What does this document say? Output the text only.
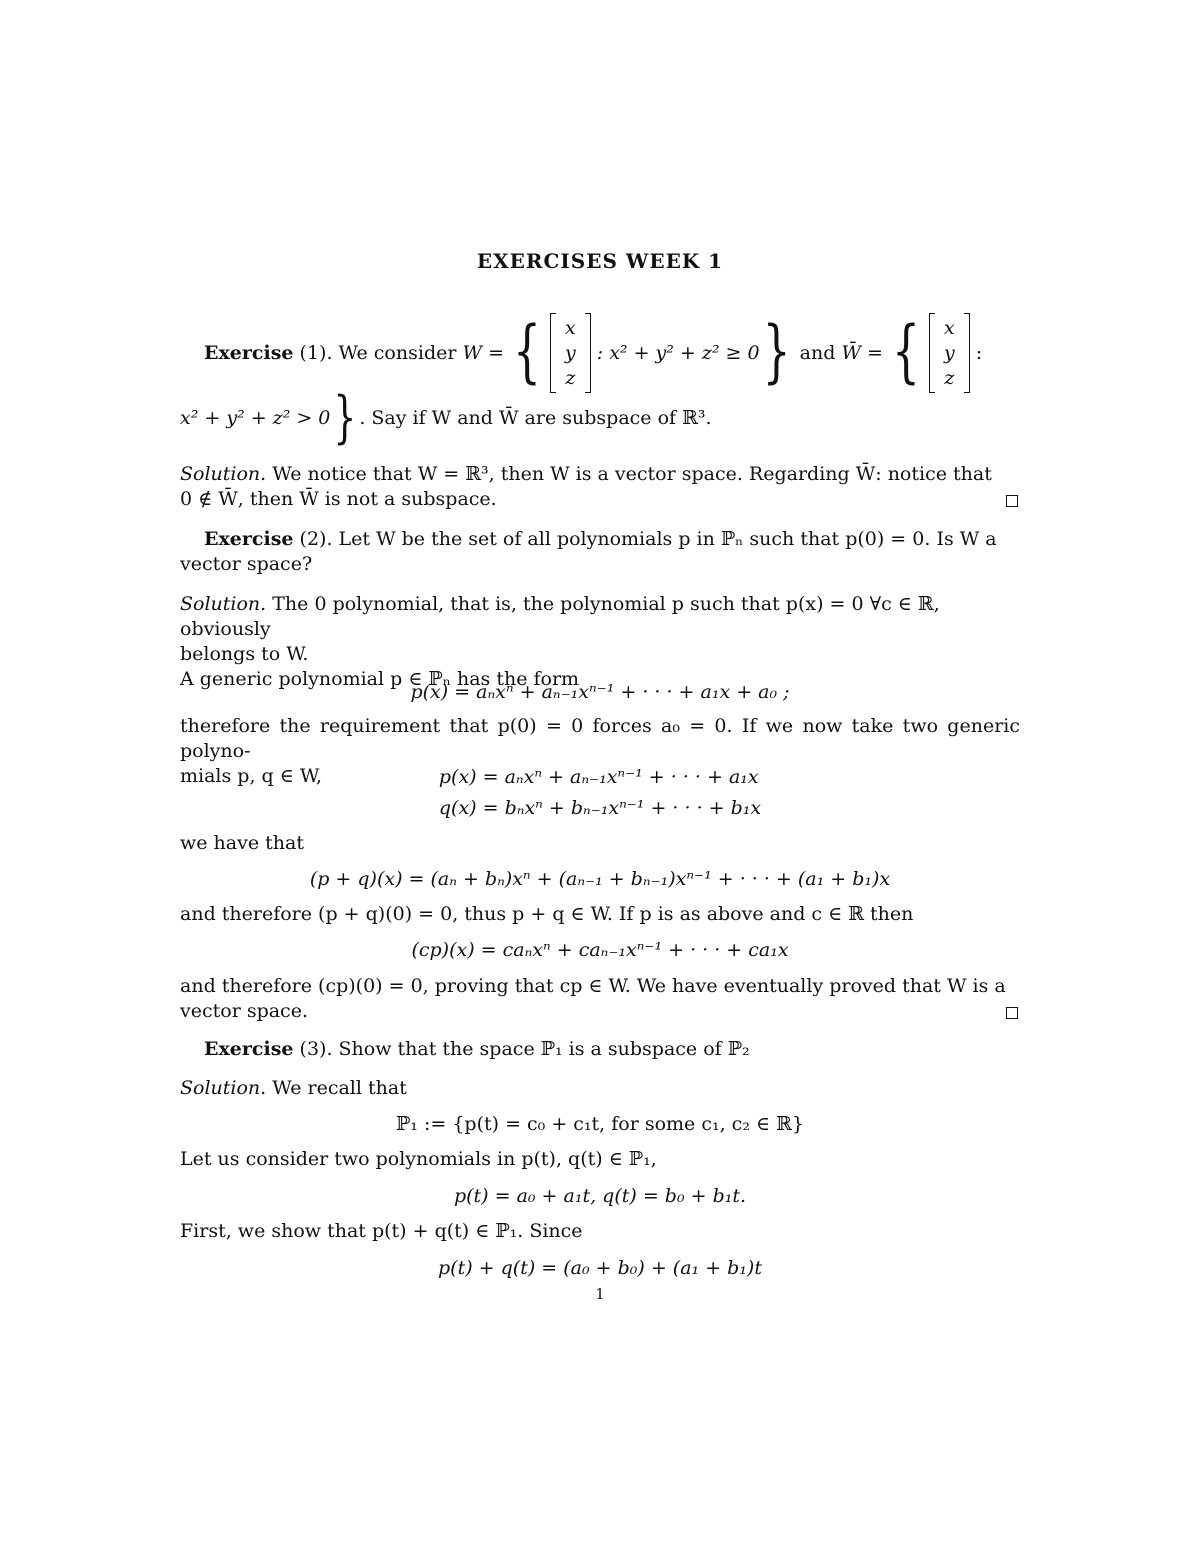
EXERCISES WEEK 1
Exercise
(1).
We consider
W
=
{ x
y
z
: x² + y² + z² ≥ 0 }
and
W̄
=
{ x
y
z
:
x² + y² + z² > 0} . Say if W and W̄ are subspace of ℝ³.
Solution. We notice that W = ℝ³, then W is a vector space. Regarding W̄: notice that
0 ∉ W̄, then W̄ is not a subspace.
Exercise (2). Let W be the set of all polynomials p in ℙₙ such that p(0) = 0. Is W a
vector space?
Solution. The 0 polynomial, that is, the polynomial p such that p(x) = 0 ∀c ∈ ℝ, obviously
belongs to W.
A generic polynomial p ∈ ℙₙ has the form
p(x) = aₙxⁿ + aₙ₋₁xⁿ⁻¹ + · · · + a₁x + a₀ ;
therefore the requirement that p(0) = 0 forces a₀ = 0. If we now take two generic polyno-
mials p, q ∈ W,	p(x) = aₙxⁿ + aₙ₋₁xⁿ⁻¹ + · · · + a₁x
q(x) = bₙxⁿ + bₙ₋₁xⁿ⁻¹ + · · · + b₁x
we have that
(p + q)(x) = (aₙ + bₙ)xⁿ + (aₙ₋₁ + bₙ₋₁)xⁿ⁻¹ + · · · + (a₁ + b₁)x
and therefore (p + q)(0) = 0, thus p + q ∈ W. If p is as above and c ∈ ℝ then
(cp)(x) = caₙxⁿ + caₙ₋₁xⁿ⁻¹ + · · · + ca₁x
and therefore (cp)(0) = 0, proving that cp ∈ W. We have eventually proved that W is a
vector space.
Exercise (3). Show that the space ℙ₁ is a subspace of ℙ₂
Solution. We recall that
ℙ₁ := {p(t) = c₀ + c₁t, for some c₁, c₂ ∈ ℝ}
Let us consider two polynomials in p(t), q(t) ∈ ℙ₁,
p(t) = a₀ + a₁t, q(t) = b₀ + b₁t.
First, we show that p(t) + q(t) ∈ ℙ₁. Since
p(t) + q(t) = (a₀ + b₀) + (a₁ + b₁)t
1
